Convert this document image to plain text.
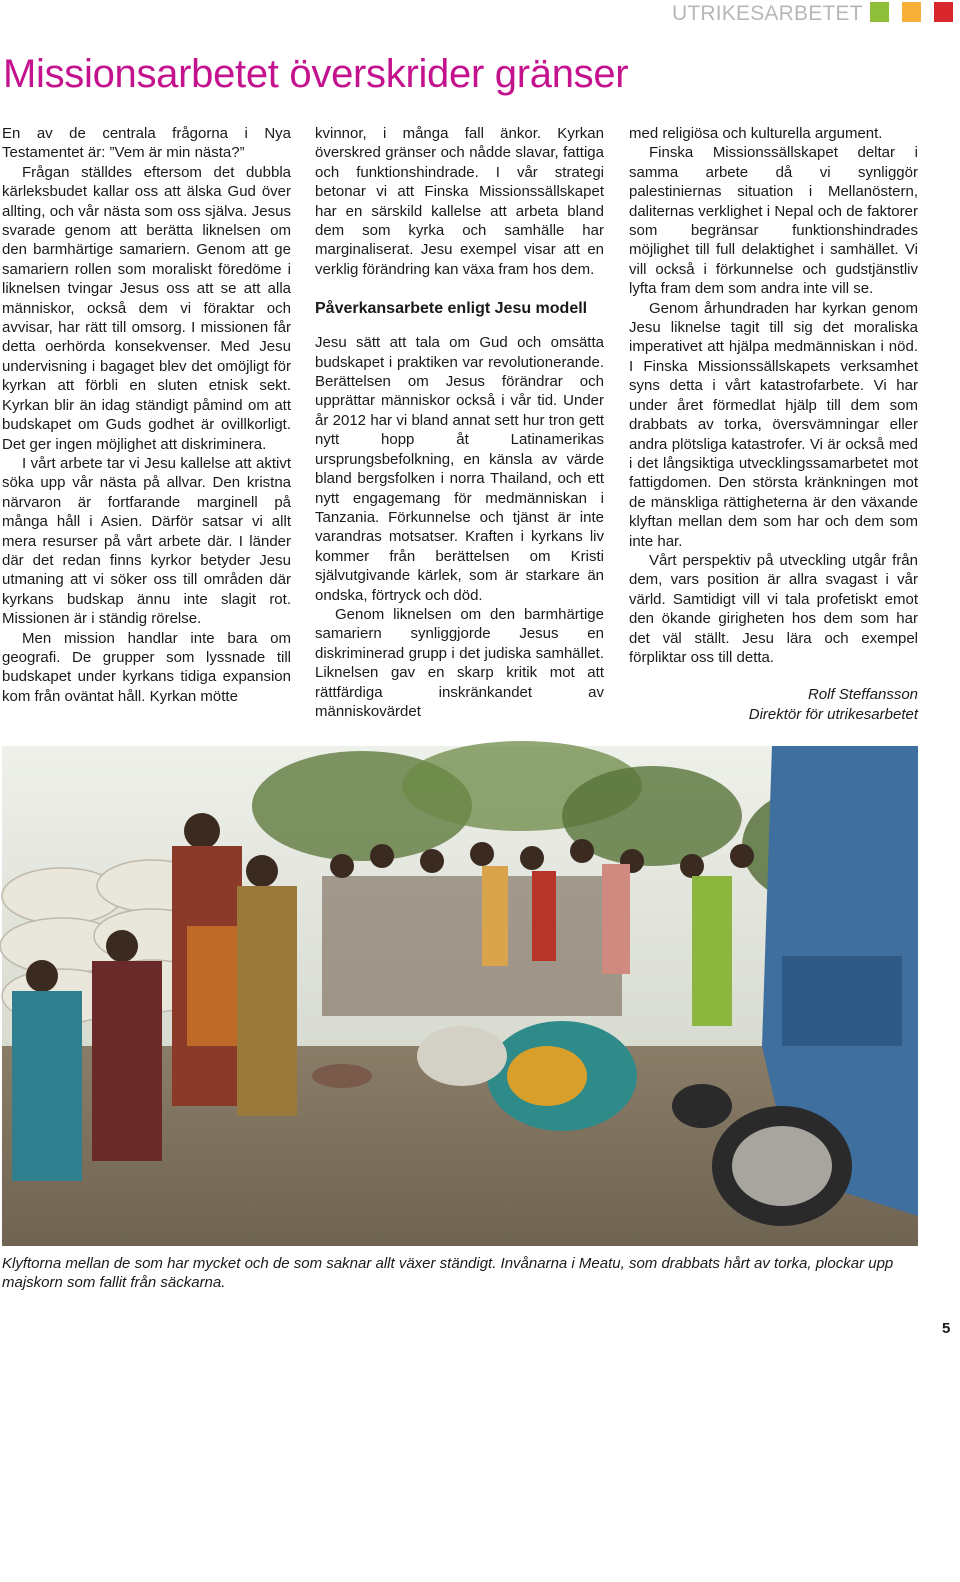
UTRIKESARBETET
Missionsarbetet överskrider gränser

En av de centrala frågorna i Nya Testamentet är: ”Vem är min nästa?”

Frågan ställdes eftersom det dubbla kärleksbudet kallar oss att älska Gud över allting, och vår nästa som oss själva. Jesus svarade genom att berätta liknelsen om den barmhärtige samariern. Genom att ge samariern rollen som moraliskt föredöme i liknelsen tvingar Jesus oss att se att alla människor, också dem vi föraktar och avvisar, har rätt till omsorg. I missionen får detta oerhörda konsekvenser. Med Jesu undervisning i bagaget blev det omöjligt för kyrkan att förbli en sluten etnisk sekt. Kyrkan blir än idag ständigt påmind om att budskapet om Guds godhet är ovillkorligt. Det ger ingen möjlighet att diskriminera.

I vårt arbete tar vi Jesu kallelse att aktivt söka upp vår nästa på allvar. Den kristna närvaron är fortfarande marginell på många håll i Asien. Därför satsar vi allt mera resurser på vårt arbete där. I länder där det redan finns kyrkor betyder Jesu utmaning att vi söker oss till områden där kyrkans budskap ännu inte slagit rot. Missionen är i ständig rörelse.

Men mission handlar inte bara om geografi. De grupper som lyssnade till budskapet under kyrkans tidiga expansion kom från oväntat håll. Kyrkan mötte

kvinnor, i många fall änkor. Kyrkan överskred gränser och nådde slavar, fattiga och funktionshindrade. I vår strategi betonar vi att Finska Missionssällskapet har en särskild kallelse att arbeta bland dem som kyrka och samhälle har marginaliserat. Jesu exempel visar att en verklig förändring kan växa fram hos dem.

Påverkansarbete enligt Jesu modell

Jesu sätt att tala om Gud och omsätta budskapet i praktiken var revolutionerande. Berättelsen om Jesus förändrar och upprättar människor också i vår tid. Under år 2012 har vi bland annat sett hur tron gett nytt hopp åt Latinamerikas ursprungsbefolkning, en känsla av värde bland bergsfolken i norra Thailand, och ett nytt engagemang för medmänniskan i Tanzania. Förkunnelse och tjänst är inte varandras motsatser. Kraften i kyrkans liv kommer från berättelsen om Kristi självutgivande kärlek, som är starkare än ondska, förtryck och död.

Genom liknelsen om den barmhärtige samariern synliggjorde Jesus en diskriminerad grupp i det judiska samhället. Liknelsen gav en skarp kritik mot att rättfärdiga inskränkandet av människovärdet

med religiösa och kulturella argument.

Finska Missionssällskapet deltar i samma arbete då vi synliggör palestiniernas situation i Mellanöstern, daliternas verklighet i Nepal och de faktorer som begränsar funktionshindrades möjlighet till full delaktighet i samhället. Vi vill också i förkunnelse och gudstjänstliv lyfta fram dem som andra inte vill se.

Genom århundraden har kyrkan genom Jesu liknelse tagit till sig det moraliska imperativet att hjälpa medmänniskan i nöd. I Finska Missionssällskapets verksamhet syns detta i vårt katastrofarbete. Vi har under året förmedlat hjälp till dem som drabbats av torka, översvämningar eller andra plötsliga katastrofer. Vi är också med i det långsiktiga utvecklingssamarbetet mot fattigdomen. Den största kränkningen mot de mänskliga rättigheterna är den växande klyftan mellan dem som har och dem som inte har.

Vårt perspektiv på utveckling utgår från dem, vars position är allra svagast i vår värld. Samtidigt vill vi tala profetiskt emot den ökande girigheten hos dem som har det väl ställt. Jesu lära och exempel förpliktar oss till detta.

Rolf Steffansson
Direktör för utrikesarbetet
Mikko Pyhtilä
Klyftorna mellan de som har mycket och de som saknar allt växer ständigt. Invånarna i Meatu, som drabbats hårt av torka, plockar upp majskorn som fallit från säckarna.
5
